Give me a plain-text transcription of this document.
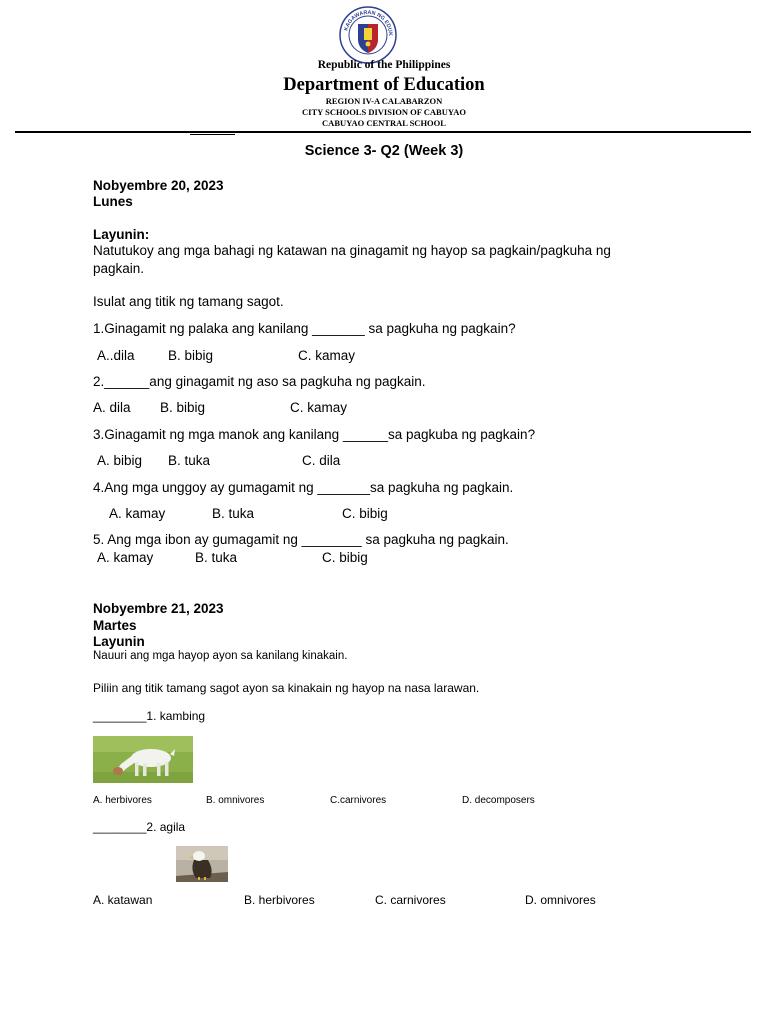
KAGAWARAN NG EDUK
Republic of the Philippines
Department of Education
REGION IV-A CALABARZON
CITY SCHOOLS DIVISION OF CABUYAO
CABUYAO CENTRAL SCHOOL
Science 3- Q2 (Week 3)
Nobyembre 20, 2023
Lunes
Layunin:
Natutukoy ang mga bahagi ng katawan na ginagamit ng hayop sa pagkain/pagkuha ng
pagkain.
Isulat ang titik ng tamang sagot.
1.Ginagamit ng palaka ang kanilang _______ sa pagkuha ng pagkain?
A..dila B. bibig	C. kamay
2.______ang ginagamit ng aso sa pagkuha ng pagkain.
A. dila B. bibig	C. kamay
3.Ginagamit ng mga manok ang kanilang ______sa pagkuba ng pagkain?
A. bibig B. tuka	C. dila
4.Ang mga unggoy ay gumagamit ng _______sa pagkuha ng pagkain.
A. kamay	B. tuka	C. bibig
5. Ang mga ibon ay gumagamit ng ________ sa pagkuha ng pagkain.
A. kamay	B. tuka	C. bibig
Nobyembre 21, 2023
Martes
Layunin
Nauuri ang mga hayop ayon sa kanilang kinakain.
Piliin ang titik tamang sagot ayon sa kinakain ng hayop na nasa larawan.
________1. kambing
A. herbivores	B. omnivores	C.carnivores	D. decomposers
________2. agila
A. katawan	B. herbivores	C. carnivores	D. omnivores
